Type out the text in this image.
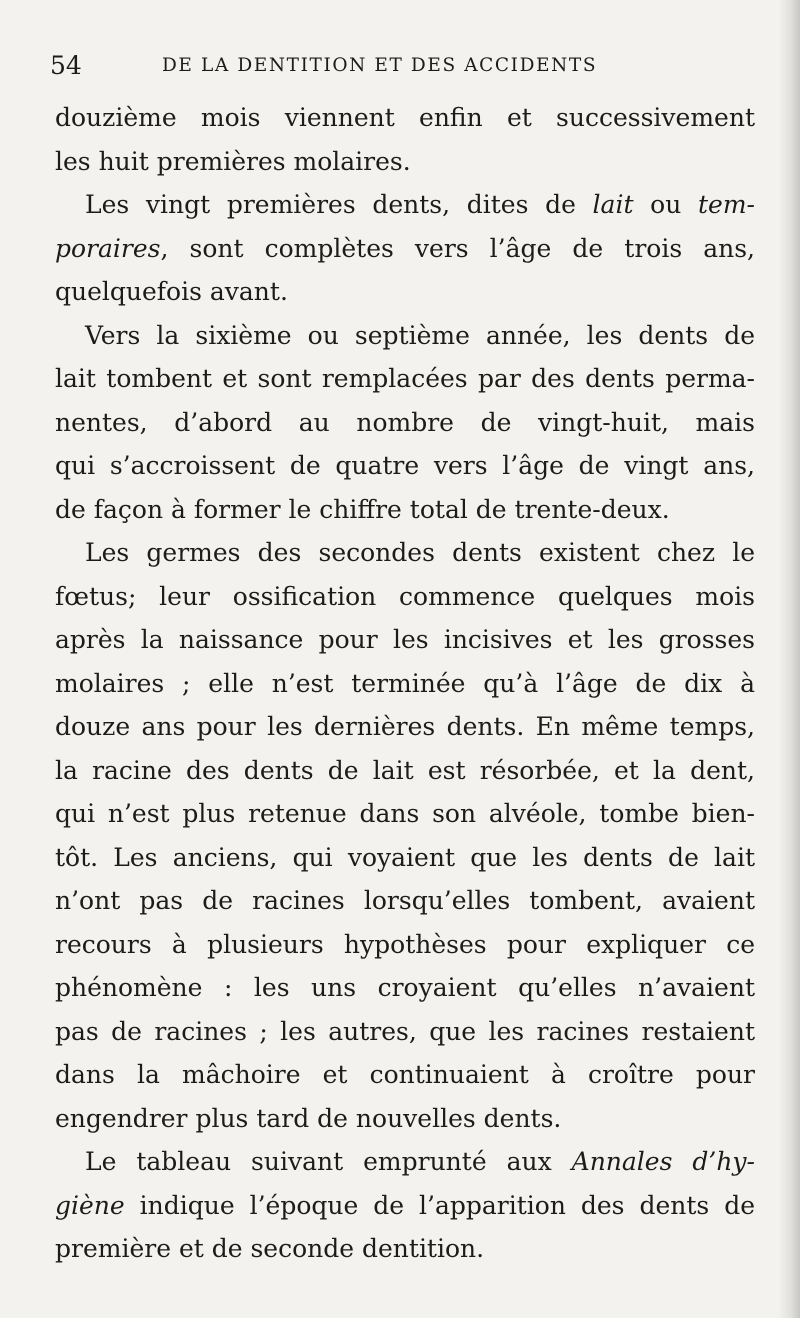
54	DE LA DENTITION ET DES ACCIDENTS
douzième mois viennent enfin et successivement
les huit premières molaires.
Les vingt premières dents, dites de lait ou tem-
poraires, sont complètes vers l’âge de trois ans,
quelquefois avant.
Vers la sixième ou septième année, les dents de
lait tombent et sont remplacées par des dents perma-
nentes, d’abord au nombre de vingt-huit, mais
qui s’accroissent de quatre vers l’âge de vingt ans,
de façon à former le chiffre total de trente-deux.
Les germes des secondes dents existent chez le
fœtus; leur ossification commence quelques mois
après la naissance pour les incisives et les grosses
molaires ; elle n’est terminée qu’à l’âge de dix à
douze ans pour les dernières dents. En même temps,
la racine des dents de lait est résorbée, et la dent,
qui n’est plus retenue dans son alvéole, tombe bien-
tôt. Les anciens, qui voyaient que les dents de lait
n’ont pas de racines lorsqu’elles tombent, avaient
recours à plusieurs hypothèses pour expliquer ce
phénomène : les uns croyaient qu’elles n’avaient
pas de racines ; les autres, que les racines restaient
dans la mâchoire et continuaient à croître pour
engendrer plus tard de nouvelles dents.
Le tableau suivant emprunté aux Annales d’hy-
giène indique l’époque de l’apparition des dents de
première et de seconde dentition.
